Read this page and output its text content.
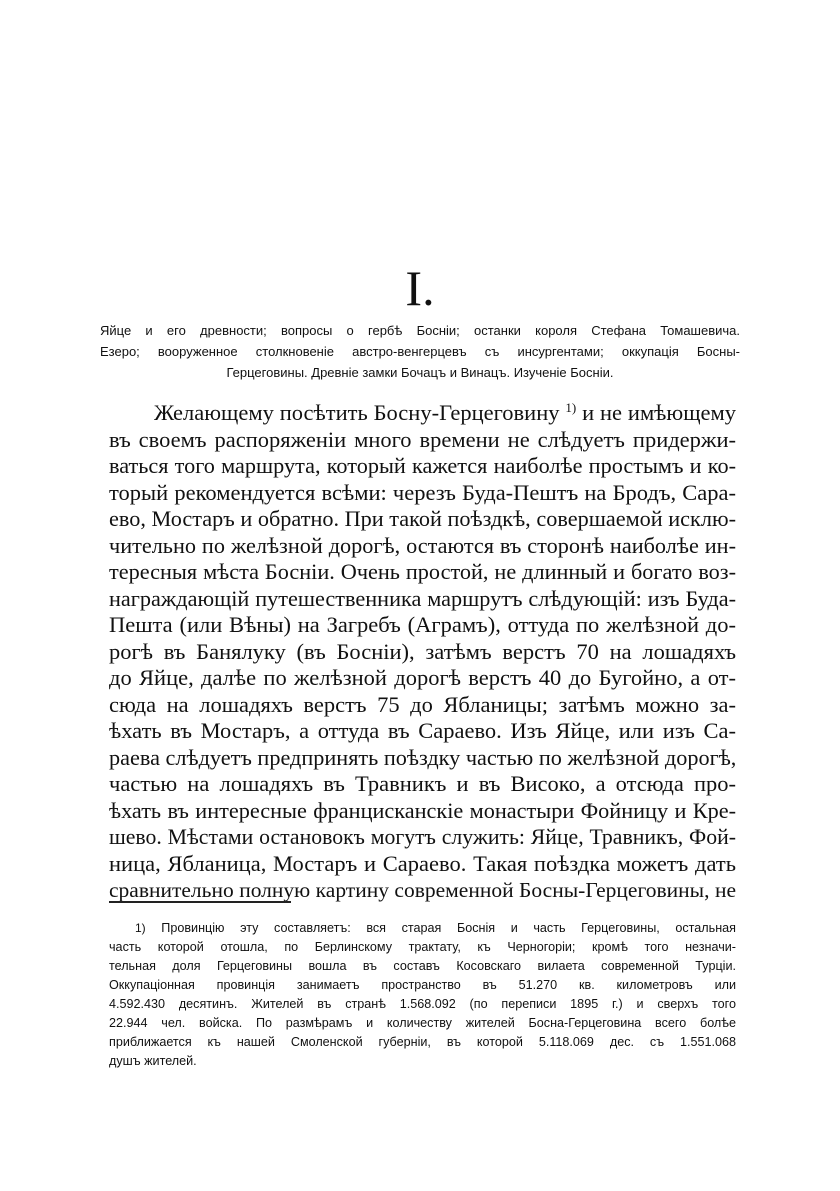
I.
Яйце и его древности; вопросы о гербѣ Босніи; останки короля Стефана Томашевича.
Езеро; вооруженное столкновеніе австро-венгерцевъ съ инсургентами; оккупація Босны-
Герцеговины. Древніе замки Бочацъ и Винацъ. Изученіе Босніи.
Желающему посѣтить Босну-Герцеговину $^{1)}$ и не имѣющему
въ своемъ распоряженіи много времени не слѣдуетъ придержи-
ваться того маршрута, который кажется наиболѣе простымъ и ко-
торый рекомендуется всѣми: черезъ Буда-Пештъ на Бродъ, Сара-
ево, Мостаръ и обратно. При такой поѣздкѣ, совершаемой исклю-
чительно по желѣзной дорогѣ, остаются въ сторонѣ наиболѣе ин-
тересныя мѣста Босніи. Очень простой, не длинный и богато воз-
награждающій путешественника маршрутъ слѣдующій: изъ Буда-
Пешта (или Вѣны) на Загребъ (Аграмъ), оттуда по желѣзной до-
рогѣ въ Банялуку (въ Босніи), затѣмъ верстъ 70 на лошадяхъ
до Яйце, далѣе по желѣзной дорогѣ верстъ 40 до Бугойно, а от-
сюда на лошадяхъ верстъ 75 до Ябланицы; затѣмъ можно за-
ѣхать въ Мостаръ, а оттуда въ Сараево. Изъ Яйце, или изъ Са-
раева слѣдуетъ предпринять поѣздку частью по желѣзной дорогѣ,
частью на лошадяхъ въ Травникъ и въ Високо, а отсюда про-
ѣхать въ интересные францисканскіе монастыри Фойницу и Кре-
шево. Мѣстами остановокъ могутъ служить: Яйце, Травникъ, Фой-
ница, Ябланица, Мостаръ и Сараево. Такая поѣздка можетъ дать
сравнительно полную картину современной Босны-Герцеговины, не
1) Провинцію эту составляетъ: вся старая Боснія и часть Герцеговины, остальная
часть которой отошла, по Берлинскому трактату, къ Черногоріи; кромѣ того незначи-
тельная доля Герцеговины вошла въ составъ Косовскаго вилаета современной Турціи.
Оккупаціонная провинція занимаетъ пространство въ 51.270 кв. километровъ или
4.592.430 десятинъ. Жителей въ странѣ 1.568.092 (по переписи 1895 г.) и сверхъ того
22.944 чел. войска. По размѣрамъ и количеству жителей Босна-Герцеговина всего болѣе
приближается къ нашей Смоленской губерніи, въ которой 5.118.069 дес. съ 1.551.068
душъ жителей.
